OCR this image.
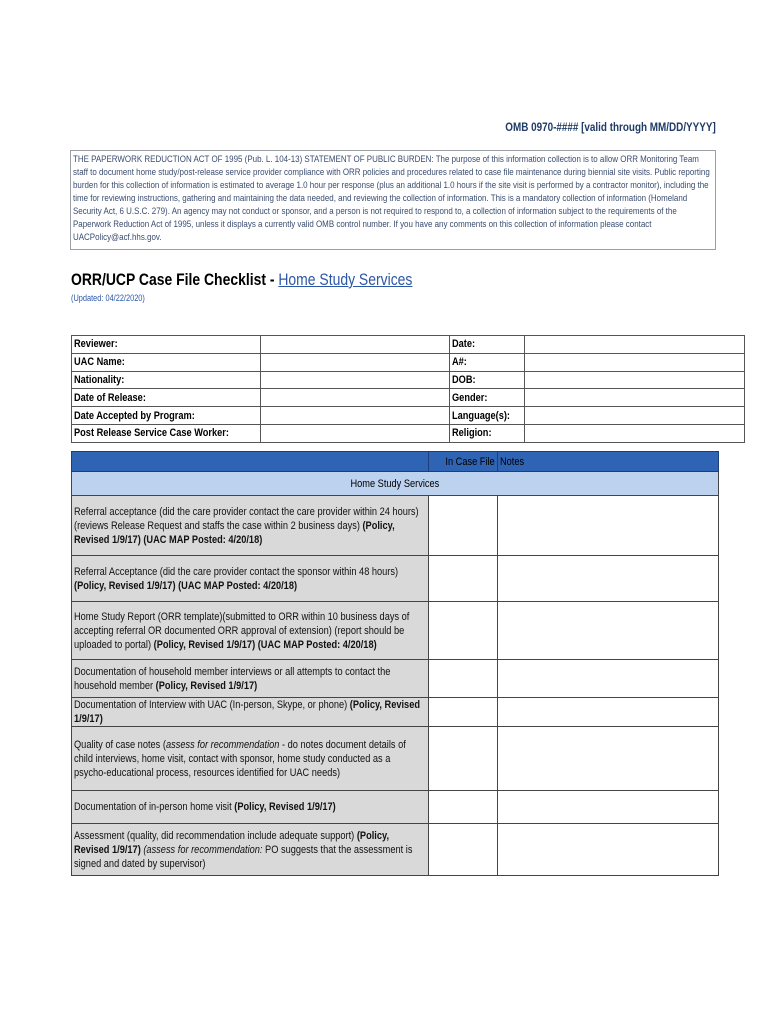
OMB 0970-#### [valid through MM/DD/YYYY]
THE PAPERWORK REDUCTION ACT OF 1995 (Pub. L. 104-13) STATEMENT OF PUBLIC BURDEN: The purpose of this information collection is to allow ORR Monitoring Team staff to document home study/post-release service provider compliance with ORR policies and procedures related to case file maintenance during biennial site visits. Public reporting burden for this collection of information is estimated to average 1.0 hour per response (plus an additional 1.0 hours if the site visit is performed by a contractor monitor), including the time for reviewing instructions, gathering and maintaining the data needed, and reviewing the collection of information. This is a mandatory collection of information (Homeland Security Act, 6 U.S.C. 279). An agency may not conduct or sponsor, and a person is not required to respond to, a collection of information subject to the requirements of the Paperwork Reduction Act of 1995, unless it displays a currently valid OMB control number. If you have any comments on this collection of information please contact UACPolicy@acf.hhs.gov.
ORR/UCP Case File Checklist - Home Study Services
(Updated: 04/22/2020)
Reviewer:		Date:	
UAC Name:		A#:	
Nationality:		DOB:	
Date of Release:		Gender:	
Date Accepted by Program:		Language(s):	
Post Release Service Case Worker:		Religion:	
	In Case File	Notes
Home Study Services		

Referral acceptance (did the care provider contact the care provider within 24 hours) (reviews Release Request and staffs the case within 2 business days) (Policy, Revised 1/9/17) (UAC MAP Posted: 4/20/18)		

Referral Acceptance (did the care provider contact the sponsor within 48 hours) (Policy, Revised 1/9/17) (UAC MAP Posted: 4/20/18)		

Home Study Report (ORR template)(submitted to ORR within 10 business days of accepting referral OR documented ORR approval of extension) (report should be uploaded to portal) (Policy, Revised 1/9/17) (UAC MAP Posted: 4/20/18)		

Documentation of household member interviews or all attempts to contact the household member (Policy, Revised 1/9/17)		

Documentation of Interview with UAC (In-person, Skype, or phone) (Policy, Revised 1/9/17)		

Quality of case notes (assess for recommendation - do notes document details of child interviews, home visit, contact with sponsor, home study conducted as a psycho-educational process, resources identified for UAC needs)		

Documentation of in-person home visit (Policy, Revised 1/9/17)		

Assessment (quality, did recommendation include adequate support) (Policy, Revised 1/9/17) (assess for recommendation: PO suggests that the assessment is signed and dated by supervisor)		
